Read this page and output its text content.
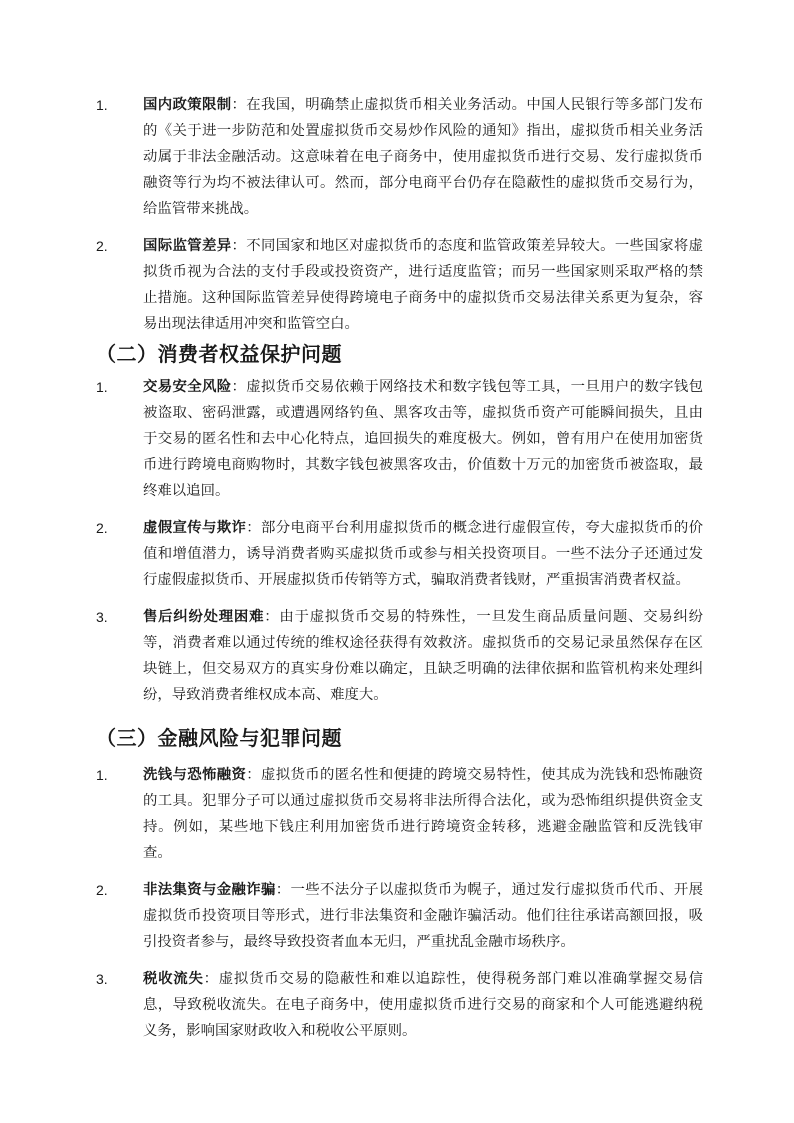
1.	国内政策限制：在我国，明确禁止虚拟货币相关业务活动。中国人民银行等多部门发布的《关于进一步防范和处置虚拟货币交易炒作风险的通知》指出，虚拟货币相关业务活动属于非法金融活动。这意味着在电子商务中，使用虚拟货币进行交易、发行虚拟货币融资等行为均不被法律认可。然而，部分电商平台仍存在隐蔽性的虚拟货币交易行为，给监管带来挑战。
2.	国际监管差异：不同国家和地区对虚拟货币的态度和监管政策差异较大。一些国家将虚拟货币视为合法的支付手段或投资资产，进行适度监管；而另一些国家则采取严格的禁止措施。这种国际监管差异使得跨境电子商务中的虚拟货币交易法律关系更为复杂，容易出现法律适用冲突和监管空白。
（二）消费者权益保护问题
1.	交易安全风险：虚拟货币交易依赖于网络技术和数字钱包等工具，一旦用户的数字钱包被盗取、密码泄露，或遭遇网络钓鱼、黑客攻击等，虚拟货币资产可能瞬间损失，且由于交易的匿名性和去中心化特点，追回损失的难度极大。例如，曾有用户在使用加密货币进行跨境电商购物时，其数字钱包被黑客攻击，价值数十万元的加密货币被盗取，最终难以追回。
2.	虚假宣传与欺诈：部分电商平台利用虚拟货币的概念进行虚假宣传，夸大虚拟货币的价值和增值潜力，诱导消费者购买虚拟货币或参与相关投资项目。一些不法分子还通过发行虚假虚拟货币、开展虚拟货币传销等方式，骗取消费者钱财，严重损害消费者权益。
3.	售后纠纷处理困难：由于虚拟货币交易的特殊性，一旦发生商品质量问题、交易纠纷等，消费者难以通过传统的维权途径获得有效救济。虚拟货币的交易记录虽然保存在区块链上，但交易双方的真实身份难以确定，且缺乏明确的法律依据和监管机构来处理纠纷，导致消费者维权成本高、难度大。
（三）金融风险与犯罪问题
1.	洗钱与恐怖融资：虚拟货币的匿名性和便捷的跨境交易特性，使其成为洗钱和恐怖融资的工具。犯罪分子可以通过虚拟货币交易将非法所得合法化，或为恐怖组织提供资金支持。例如，某些地下钱庄利用加密货币进行跨境资金转移，逃避金融监管和反洗钱审查。
2.	非法集资与金融诈骗：一些不法分子以虚拟货币为幌子，通过发行虚拟货币代币、开展虚拟货币投资项目等形式，进行非法集资和金融诈骗活动。他们往往承诺高额回报，吸引投资者参与，最终导致投资者血本无归，严重扰乱金融市场秩序。
3.	税收流失：虚拟货币交易的隐蔽性和难以追踪性，使得税务部门难以准确掌握交易信息，导致税收流失。在电子商务中，使用虚拟货币进行交易的商家和个人可能逃避纳税义务，影响国家财政收入和税收公平原则。
